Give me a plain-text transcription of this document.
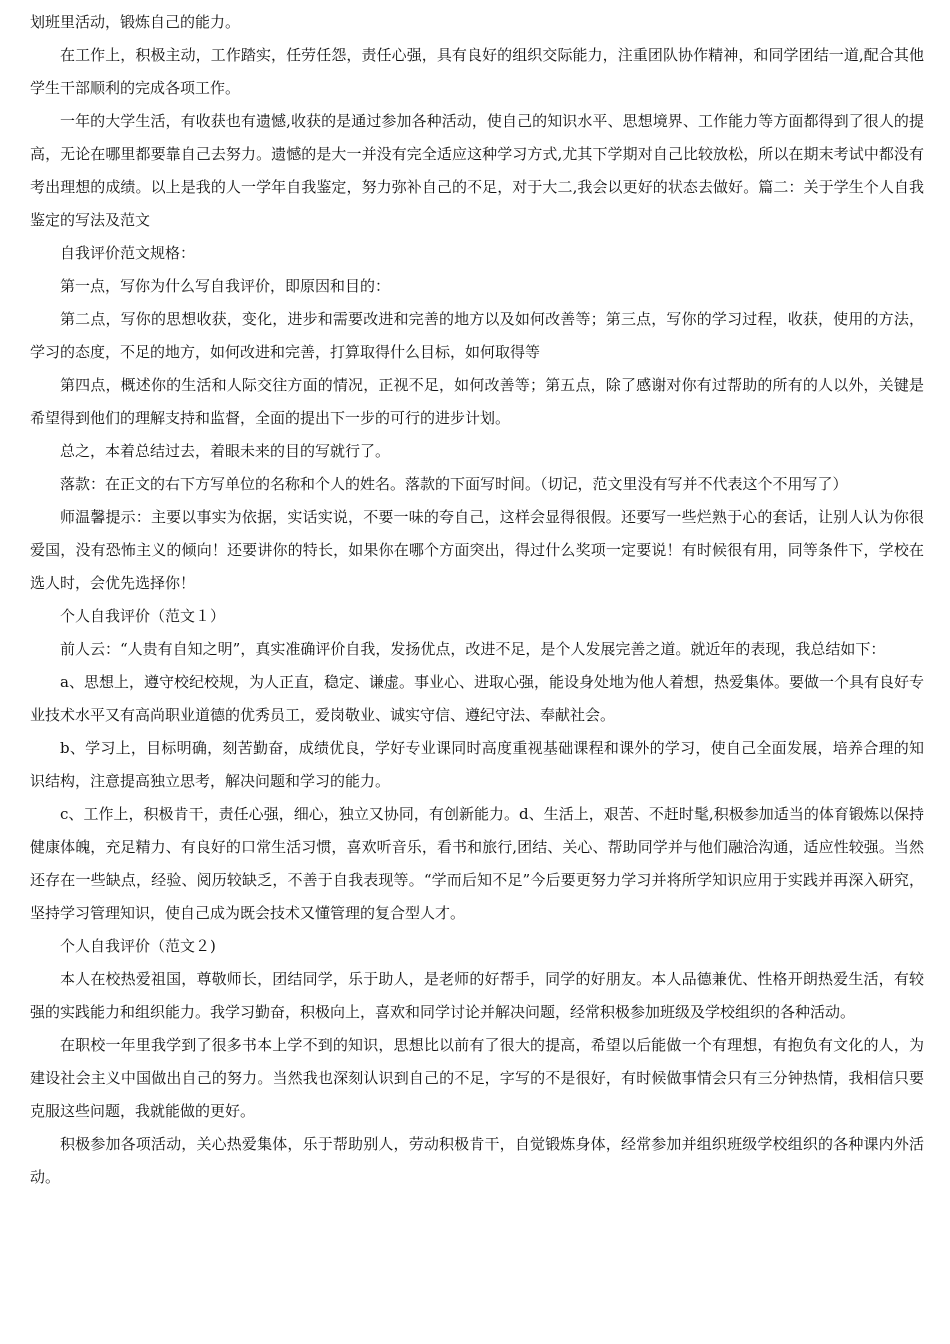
划班里活动，锻炼自己的能力。

在工作上，积极主动，工作踏实，任劳任怨，责任心强，具有良好的组织交际能力，注重团队协作精神，和同学团结一道,配合其他学生干部顺利的完成各项工作。

一年的大学生活，有收获也有遗憾,收获的是通过参加各种活动，使自己的知识水平、思想境界、工作能力等方面都得到了很人的提高，无论在哪里都要靠自己去努力。遗憾的是大一并没有完全适应这种学习方式,尤其下学期对自己比较放松，所以在期末考试中都没有考出理想的成绩。以上是我的人一学年自我鉴定，努力弥补自己的不足，对于大二,我会以更好的状态去做好。篇二：关于学生个人自我鉴定的写法及范文

自我评价范文规格：

第一点，写你为什么写自我评价，即原因和目的：

第二点，写你的思想收获，变化，进步和需要改进和完善的地方以及如何改善等；第三点，写你的学习过程，收获，使用的方法，学习的态度，不足的地方，如何改进和完善，打算取得什么目标，如何取得等

第四点，概述你的生活和人际交往方面的情况，正视不足，如何改善等；第五点，除了感谢对你有过帮助的所有的人以外，关键是希望得到他们的理解支持和监督，全面的提出下一步的可行的进步计划。

总之，本着总结过去，着眼未来的目的写就行了。

落款：在正文的右下方写单位的名称和个人的姓名。落款的下面写时间。（切记，范文里没有写并不代表这个不用写了）

师温馨提示：主要以事实为依据，实话实说，不要一味的夸自己，这样会显得很假。还要写一些烂熟于心的套话，让别人认为你很爱国，没有恐怖主义的倾向！还要讲你的特长，如果你在哪个方面突出，得过什么奖项一定要说！有时候很有用，同等条件下，学校在选人时，会优先选择你！

个人自我评价（范文１）

前人云：“人贵有自知之明”，真实准确评价自我，发扬优点，改进不足，是个人发展完善之道。就近年的表现，我总结如下：

a、思想上，遵守校纪校规，为人正直，稳定、谦虚。事业心、进取心强，能设身处地为他人着想，热爱集体。要做一个具有良好专业技术水平又有高尚职业道德的优秀员工，爱岗敬业、诚实守信、遵纪守法、奉献社会。

b、学习上，目标明确，刻苦勤奋，成绩优良，学好专业课同时高度重视基础课程和课外的学习，使自己全面发展，培养合理的知识结构，注意提高独立思考，解决问题和学习的能力。

c、工作上，积极肯干，责任心强，细心，独立又协同，有创新能力。d、生活上，艰苦、不赶时髦,积极参加适当的体育锻炼以保持健康体魄，充足精力、有良好的口常生活习惯，喜欢听音乐，看书和旅行,团结、关心、帮助同学并与他们融洽沟通，适应性较强。当然还存在一些缺点，经验、阅历较缺乏，不善于自我表现等。“学而后知不足”今后要更努力学习并将所学知识应用于实践并再深入研究，坚持学习管理知识，使自己成为既会技术又懂管理的复合型人才。

个人自我评价（范文２)

本人在校热爱祖国，尊敬师长，团结同学，乐于助人，是老师的好帮手，同学的好朋友。本人品德兼优、性格开朗热爱生活，有较强的实践能力和组织能力。我学习勤奋，积极向上，喜欢和同学讨论并解决问题，经常积极参加班级及学校组织的各种活动。

在职校一年里我学到了很多书本上学不到的知识，思想比以前有了很大的提高，希望以后能做一个有理想，有抱负有文化的人，为建设社会主义中国做出自己的努力。当然我也深刻认识到自己的不足，字写的不是很好，有时候做事情会只有三分钟热情，我相信只要克服这些问题，我就能做的更好。

积极参加各项活动，关心热爱集体，乐于帮助别人，劳动积极肯干，自觉锻炼身体，经常参加并组织班级学校组织的各种课内外活动。
